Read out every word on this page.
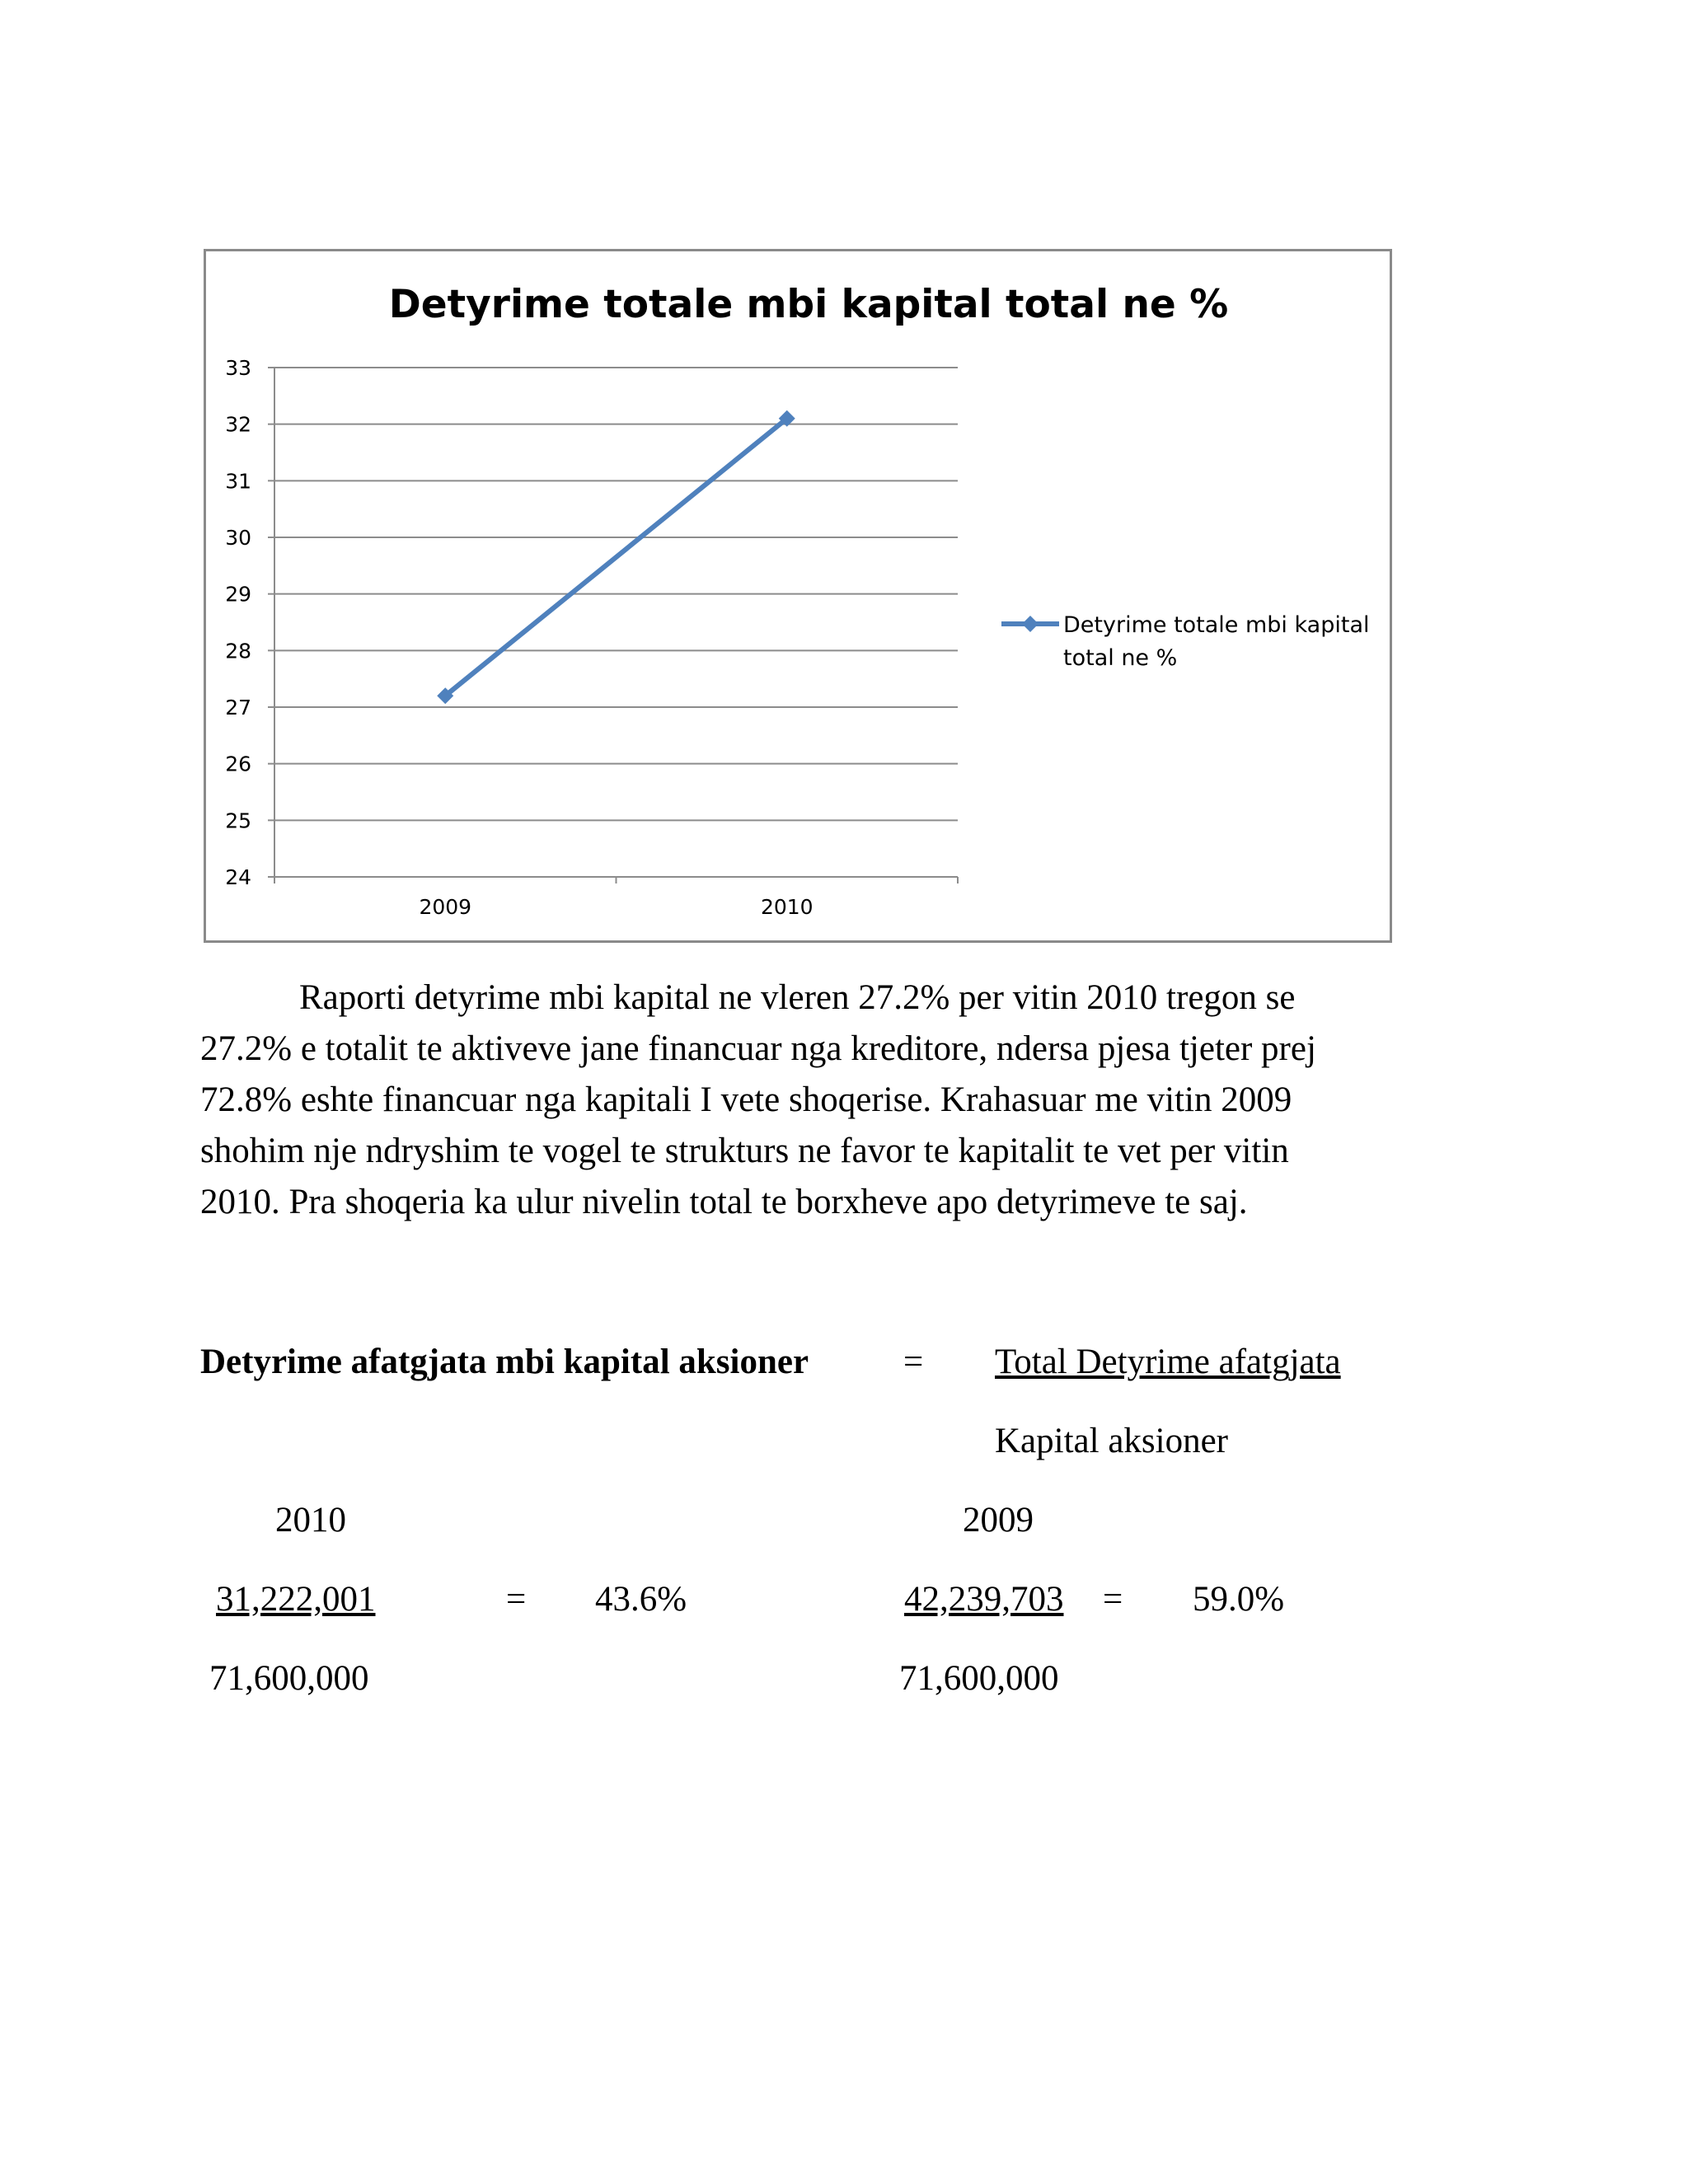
24
25
26
27
28
29
30
31
32
33
2009	2010
Detyrime totale mbi kapital
total ne %
Detyrime totale mbi kapital total ne %

Raporti detyrime mbi kapital ne vleren 27.2% per vitin 2010 tregon se
27.2% e totalit te aktiveve jane financuar nga kreditore, ndersa pjesa tjeter prej
72.8% eshte financuar nga kapitali I vete shoqerise. Krahasuar me vitin 2009
shohim nje ndryshim te vogel te strukturs ne favor te kapitalit te vet per vitin
2010. Pra shoqeria ka ulur nivelin total te borxheve apo detyrimeve te saj.

Detyrime afatgjata mbi kapital aksioner	= Total Detyrime afatgjata
Kapital aksioner
2010	2009
31,222,001	= 43.6%	42,239,703 = 59.0%
71,600,000	71,600,000
